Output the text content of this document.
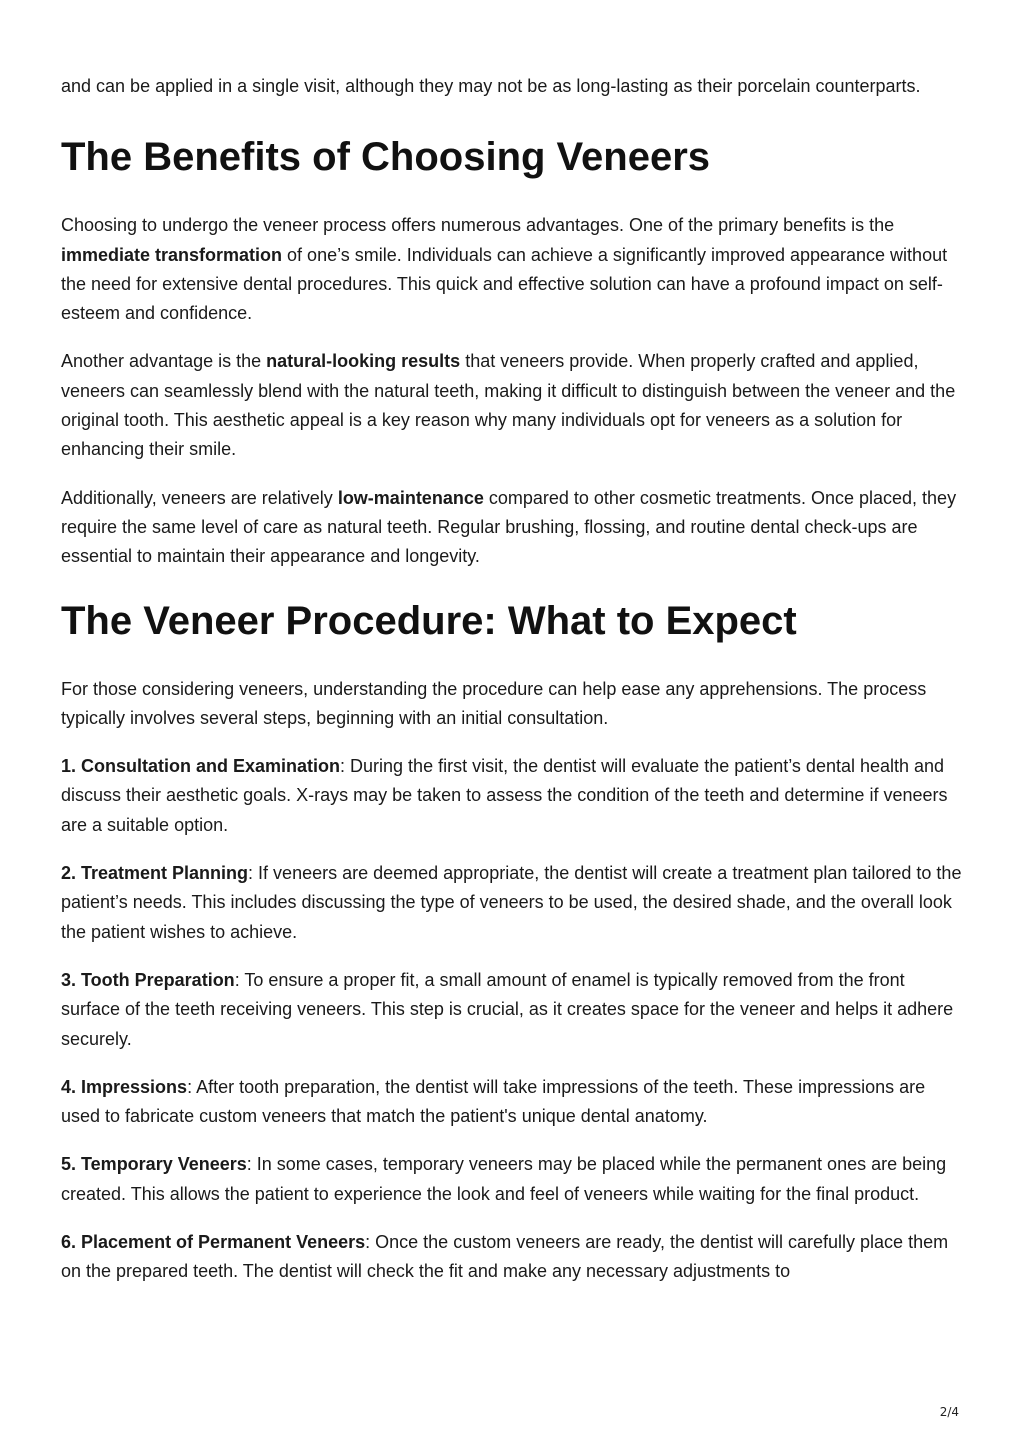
and can be applied in a single visit, although they may not be as long-lasting as their porcelain counterparts.

The Benefits of Choosing Veneers

Choosing to undergo the veneer process offers numerous advantages. One of the primary benefits is the immediate transformation of one’s smile. Individuals can achieve a significantly improved appearance without the need for extensive dental procedures. This quick and effective solution can have a profound impact on self-esteem and confidence.

Another advantage is the natural-looking results that veneers provide. When properly crafted and applied, veneers can seamlessly blend with the natural teeth, making it difficult to distinguish between the veneer and the original tooth. This aesthetic appeal is a key reason why many individuals opt for veneers as a solution for enhancing their smile.

Additionally, veneers are relatively low-maintenance compared to other cosmetic treatments. Once placed, they require the same level of care as natural teeth. Regular brushing, flossing, and routine dental check-ups are essential to maintain their appearance and longevity.

The Veneer Procedure: What to Expect

For those considering veneers, understanding the procedure can help ease any apprehensions. The process typically involves several steps, beginning with an initial consultation.

1. Consultation and Examination: During the first visit, the dentist will evaluate the patient’s dental health and discuss their aesthetic goals. X-rays may be taken to assess the condition of the teeth and determine if veneers are a suitable option.

2. Treatment Planning: If veneers are deemed appropriate, the dentist will create a treatment plan tailored to the patient’s needs. This includes discussing the type of veneers to be used, the desired shade, and the overall look the patient wishes to achieve.

3. Tooth Preparation: To ensure a proper fit, a small amount of enamel is typically removed from the front surface of the teeth receiving veneers. This step is crucial, as it creates space for the veneer and helps it adhere securely.

4. Impressions: After tooth preparation, the dentist will take impressions of the teeth. These impressions are used to fabricate custom veneers that match the patient's unique dental anatomy.

5. Temporary Veneers: In some cases, temporary veneers may be placed while the permanent ones are being created. This allows the patient to experience the look and feel of veneers while waiting for the final product.

6. Placement of Permanent Veneers: Once the custom veneers are ready, the dentist will carefully place them on the prepared teeth. The dentist will check the fit and make any necessary adjustments to

2/4
